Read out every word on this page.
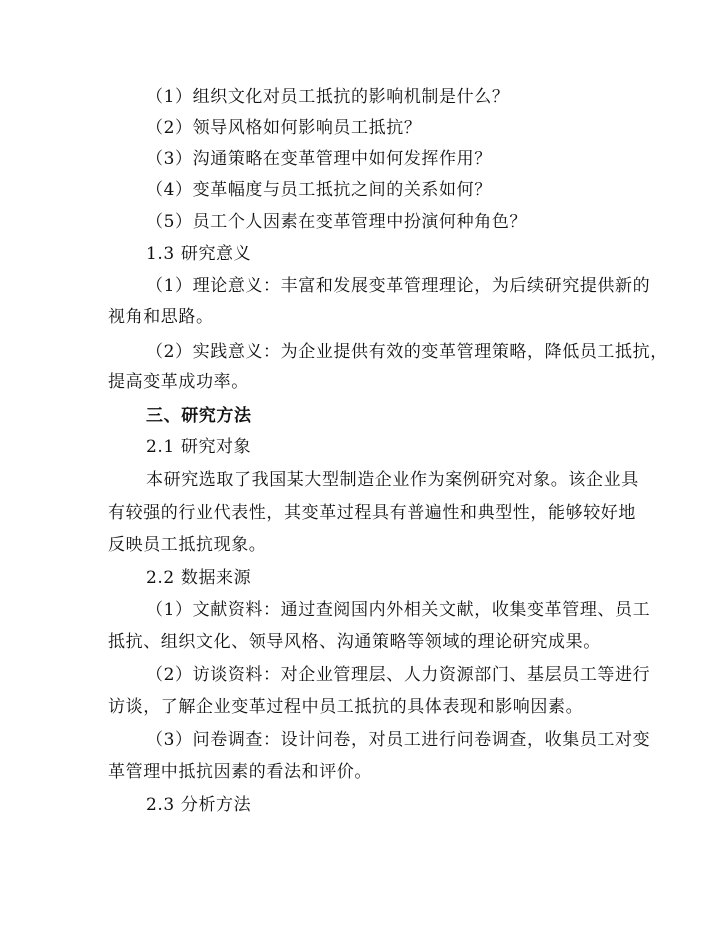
（1）组织文化对员工抵抗的影响机制是什么？
（2）领导风格如何影响员工抵抗？
（3）沟通策略在变革管理中如何发挥作用？
（4）变革幅度与员工抵抗之间的关系如何？
（5）员工个人因素在变革管理中扮演何种角色？
1.3 研究意义
（1）理论意义：丰富和发展变革管理理论，为后续研究提供新的
视角和思路。
（2）实践意义：为企业提供有效的变革管理策略，降低员工抵抗，
提高变革成功率。
三、研究方法
2.1 研究对象
本研究选取了我国某大型制造企业作为案例研究对象。该企业具
有较强的行业代表性，其变革过程具有普遍性和典型性，能够较好地
反映员工抵抗现象。
2.2 数据来源
（1）文献资料：通过查阅国内外相关文献，收集变革管理、员工
抵抗、组织文化、领导风格、沟通策略等领域的理论研究成果。
（2）访谈资料：对企业管理层、人力资源部门、基层员工等进行
访谈，了解企业变革过程中员工抵抗的具体表现和影响因素。
（3）问卷调查：设计问卷，对员工进行问卷调查，收集员工对变
革管理中抵抗因素的看法和评价。
2.3 分析方法
